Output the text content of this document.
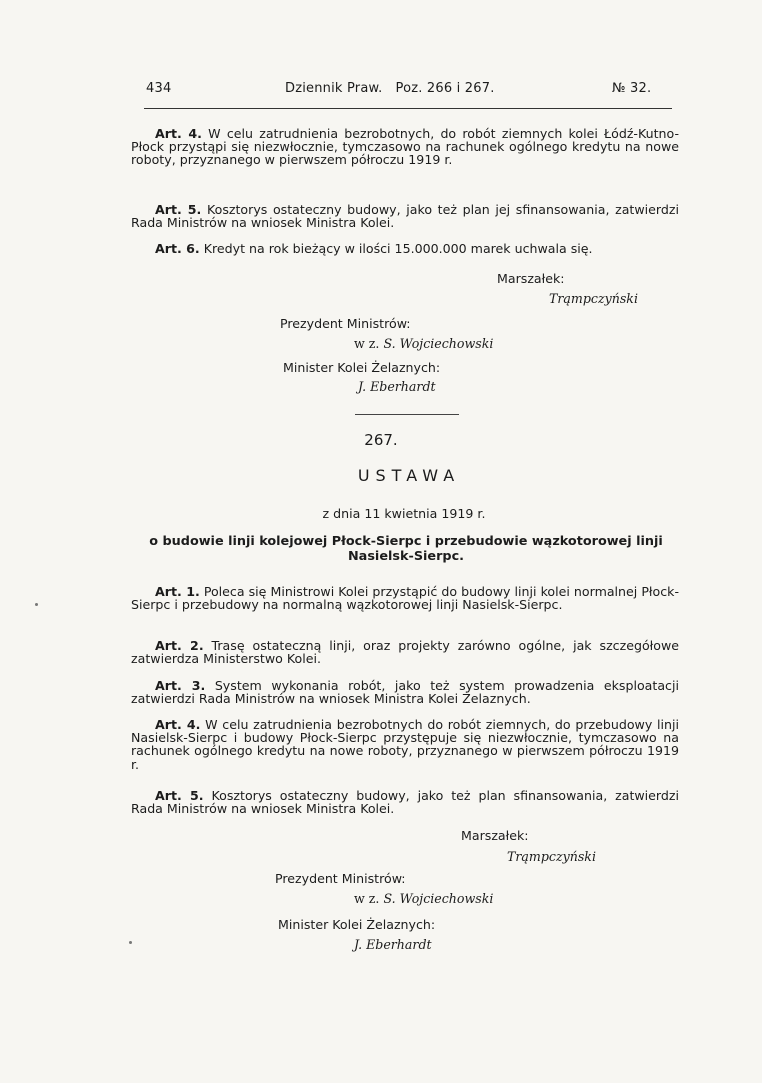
434	Dziennik Praw. Poz. 266 i 267.	№ 32.
Art. 4. W celu zatrudnienia bezrobotnych, do robót ziemnych kolei Łódź-Kutno-Płock przystąpi się niezwłocznie, tymczasowo na rachunek ogólnego kredytu na nowe roboty, przyznanego w pierwszem półroczu 1919 r.
Art. 5. Kosztorys ostateczny budowy, jako też plan jej sfinansowania, zatwierdzi Rada Ministrów na wniosek Ministra Kolei.
Art. 6. Kredyt na rok bieżący w ilości 15.000.000 marek uchwala się.
Marszałek:
Trąmpczyński
Prezydent Ministrów:
w z. S. Wojciechowski
Minister Kolei Żelaznych:
J. Eberhardt
267.
USTAWA
z dnia 11 kwietnia 1919 r.
o budowie linji kolejowej Płock-Sierpc i przebudowie wązkotorowej linji Nasielsk-Sierpc.
Art. 1. Poleca się Ministrowi Kolei przystąpić do budowy linji kolei normalnej Płock-Sierpc i przebudowy na normalną wązkotorowej linji Nasielsk-Sierpc.
Art. 2. Trasę ostateczną linji, oraz projekty zarówno ogólne, jak szczegółowe zatwierdza Ministerstwo Kolei.
Art. 3. System wykonania robót, jako też system prowadzenia eksploatacji zatwierdzi Rada Ministrów na wniosek Ministra Kolei Żelaznych.
Art. 4. W celu zatrudnienia bezrobotnych do robót ziemnych, do przebudowy linji Nasielsk-Sierpc i budowy Płock-Sierpc przystępuje się niezwłocznie, tymczasowo na rachunek ogólnego kredytu na nowe roboty, przyznanego w pierwszem półroczu 1919 r.
Art. 5. Kosztorys ostateczny budowy, jako też plan sfinansowania, zatwierdzi Rada Ministrów na wniosek Ministra Kolei.
Marszałek:
Trąmpczyński
Prezydent Ministrów:
w z. S. Wojciechowski
Minister Kolei Żelaznych:
J. Eberhardt
